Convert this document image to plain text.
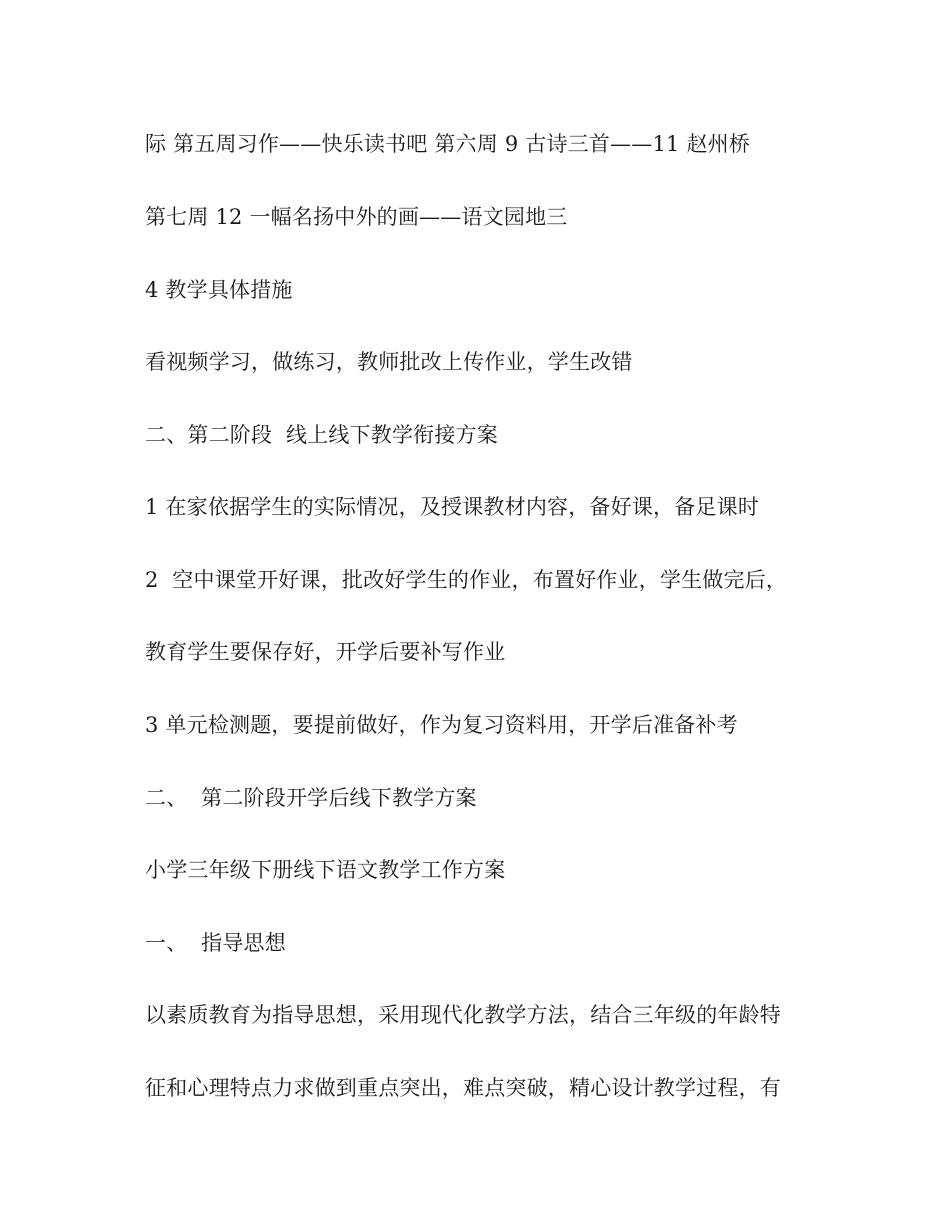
际 第五周习作——快乐读书吧 第六周 9 古诗三首——11 赵州桥
第七周 12 一幅名扬中外的画——语文园地三
4 教学具体措施
看视频学习，做练习，教师批改上传作业，学生改错
二、第二阶段  线上线下教学衔接方案
1 在家依据学生的实际情况，及授课教材内容，备好课，备足课时
2  空中课堂开好课，批改好学生的作业，布置好作业，学生做完后，
教育学生要保存好，开学后要补写作业
3 单元检测题，要提前做好，作为复习资料用，开学后准备补考
二、  第二阶段开学后线下教学方案
小学三年级下册线下语文教学工作方案
一、  指导思想
以素质教育为指导思想，采用现代化教学方法，结合三年级的年龄特
征和心理特点力求做到重点突出，难点突破，精心设计教学过程，有
